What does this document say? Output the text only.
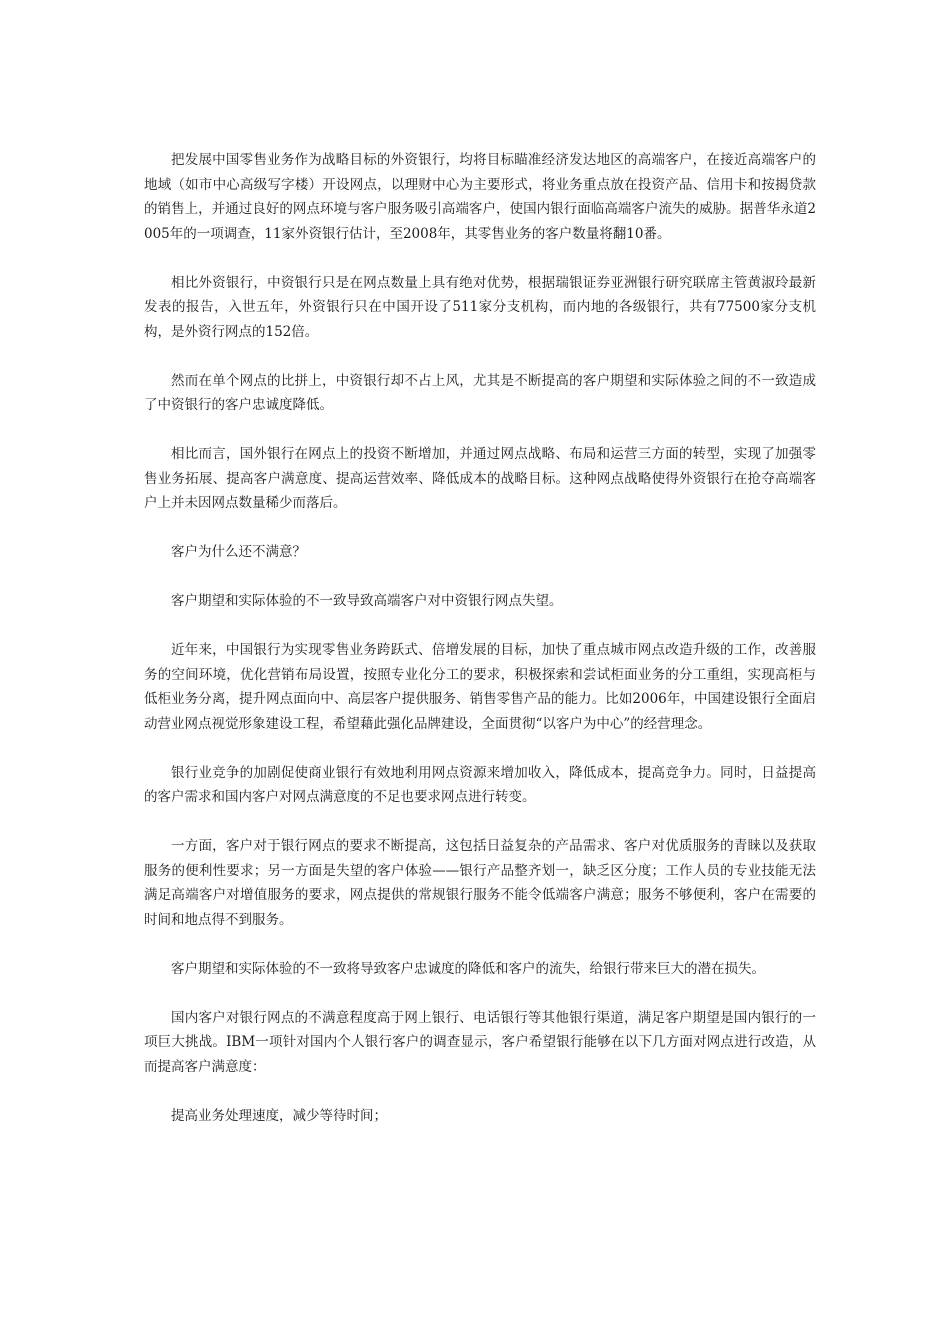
把发展中国零售业务作为战略目标的外资银行，均将目标瞄准经济发达地区的高端客户，在接近高端客户的地域（如市中心高级写字楼）开设网点，以理财中心为主要形式，将业务重点放在投资产品、信用卡和按揭贷款的销售上，并通过良好的网点环境与客户服务吸引高端客户，使国内银行面临高端客户流失的威胁。据普华永道2005年的一项调查，11家外资银行估计，至2008年，其零售业务的客户数量将翻10番。

相比外资银行，中资银行只是在网点数量上具有绝对优势，根据瑞银证券亚洲银行研究联席主管黄淑玲最新发表的报告，入世五年，外资银行只在中国开设了511家分支机构，而内地的各级银行，共有77500家分支机构，是外资行网点的152倍。

然而在单个网点的比拼上，中资银行却不占上风，尤其是不断提高的客户期望和实际体验之间的不一致造成了中资银行的客户忠诚度降低。

相比而言，国外银行在网点上的投资不断增加，并通过网点战略、布局和运营三方面的转型，实现了加强零售业务拓展、提高客户满意度、提高运营效率、降低成本的战略目标。这种网点战略使得外资银行在抢夺高端客户上并未因网点数量稀少而落后。

客户为什么还不满意？

客户期望和实际体验的不一致导致高端客户对中资银行网点失望。

近年来，中国银行为实现零售业务跨跃式、倍增发展的目标，加快了重点城市网点改造升级的工作，改善服务的空间环境，优化营销布局设置，按照专业化分工的要求，积极探索和尝试柜面业务的分工重组，实现高柜与低柜业务分离，提升网点面向中、高层客户提供服务、销售零售产品的能力。比如2006年，中国建设银行全面启动营业网点视觉形象建设工程，希望藉此强化品牌建设，全面贯彻“以客户为中心”的经营理念。

银行业竞争的加剧促使商业银行有效地利用网点资源来增加收入，降低成本，提高竞争力。同时，日益提高的客户需求和国内客户对网点满意度的不足也要求网点进行转变。

一方面，客户对于银行网点的要求不断提高，这包括日益复杂的产品需求、客户对优质服务的青睐以及获取服务的便利性要求；另一方面是失望的客户体验——银行产品整齐划一，缺乏区分度；工作人员的专业技能无法满足高端客户对增值服务的要求，网点提供的常规银行服务不能令低端客户满意；服务不够便利，客户在需要的时间和地点得不到服务。

客户期望和实际体验的不一致将导致客户忠诚度的降低和客户的流失，给银行带来巨大的潜在损失。

国内客户对银行网点的不满意程度高于网上银行、电话银行等其他银行渠道，满足客户期望是国内银行的一项巨大挑战。IBM一项针对国内个人银行客户的调查显示，客户希望银行能够在以下几方面对网点进行改造，从而提高客户满意度：

提高业务处理速度，减少等待时间；
